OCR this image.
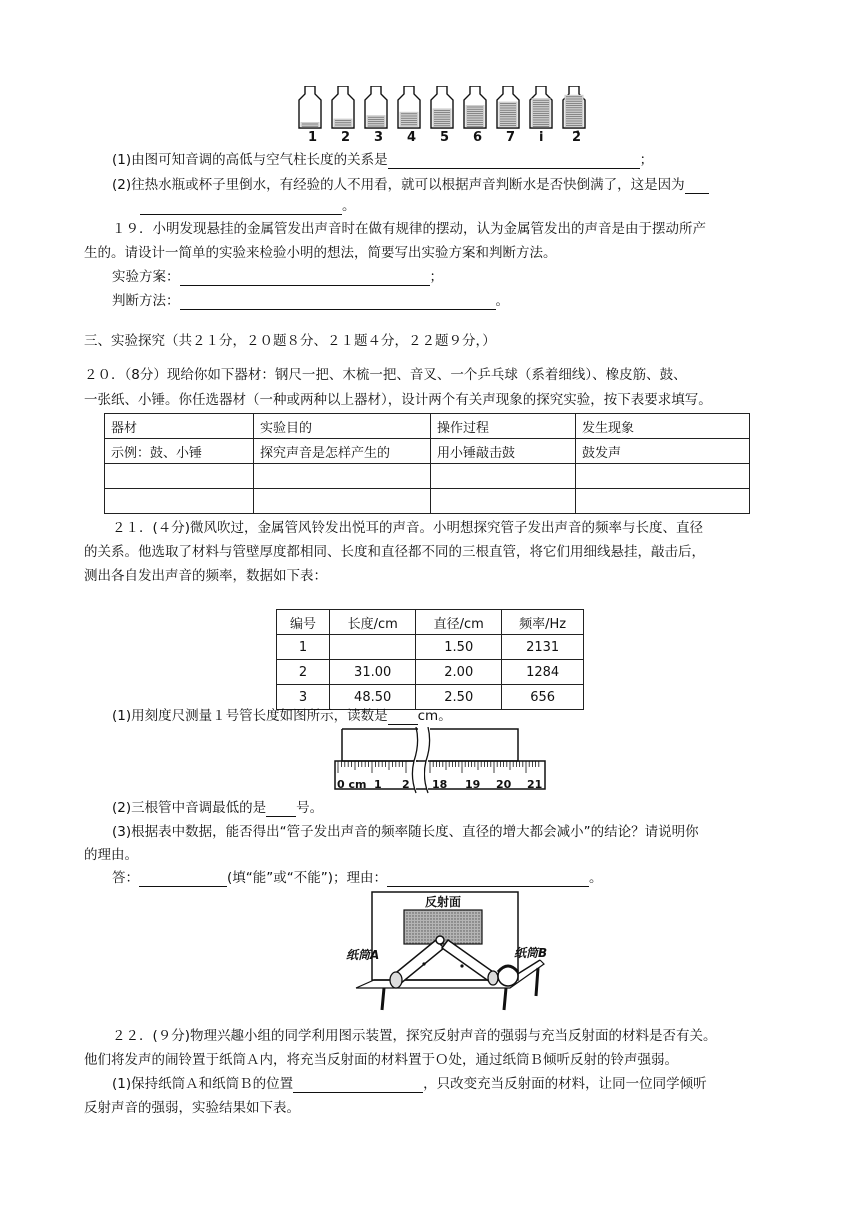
1 2 3 4 5 6 7 i 2̇
(1)由图可知音调的高低与空气柱长度的关系是	；
(2)往热水瓶或杯子里倒水，有经验的人不用看，就可以根据声音判断水是否快倒满了，这是因为
。
１９．小明发现悬挂的金属管发出声音时在做有规律的摆动，认为金属管发出的声音是由于摆动所产
生的。请设计一简单的实验来检验小明的想法，简要写出实验方案和判断方法。
实验方案：	；
判断方法：	。
三、实验探究（共２１分，２０题８分、２１题４分，２２题９分，）
２０．（8分）现给你如下器材：钢尺一把、木梳一把、音叉、一个乒乓球（系着细线）、橡皮筋、鼓、
一张纸、小锤。你任选器材（一种或两种以上器材），设计两个有关声现象的探究实验，按下表要求填写。
器材	实验目的	操作过程	发生现象
示例：鼓、小锤	探究声音是怎样产生的	用小锤敲击鼓	鼓发声

２１．(４分)微风吹过，金属管风铃发出悦耳的声音。小明想探究管子发出声音的频率与长度、直径
的关系。他选取了材料与管壁厚度都相同、长度和直径都不同的三根直管，将它们用细线悬挂，敲击后，
测出各自发出声音的频率，数据如下表：
编号	长度/cm	直径/cm	频率/Hz
1		1.50	2131
2	31.00	2.00	1284
3	48.50	2.50	656
(1)用刻度尺测量１号管长度如图所示，读数是 cm。
0 cm 1 2 18 19 20 21
(2)三根管中音调最低的是 号。
(3)根据表中数据，能否得出“管子发出声音的频率随长度、直径的增大都会减小”的结论？请说明你
的理由。
答：	(填“能”或“不能”)；理由：	。
反射面
纸筒A	纸筒B
２２．(９分)物理兴趣小组的同学利用图示装置，探究反射声音的强弱与充当反射面的材料是否有关。
他们将发声的闹铃置于纸筒Ａ内，将充当反射面的材料置于Ｏ处，通过纸筒Ｂ倾听反射的铃声强弱。
(1)保持纸筒Ａ和纸筒Ｂ的位置	，只改变充当反射面的材料，让同一位同学倾听
反射声音的强弱，实验结果如下表。
